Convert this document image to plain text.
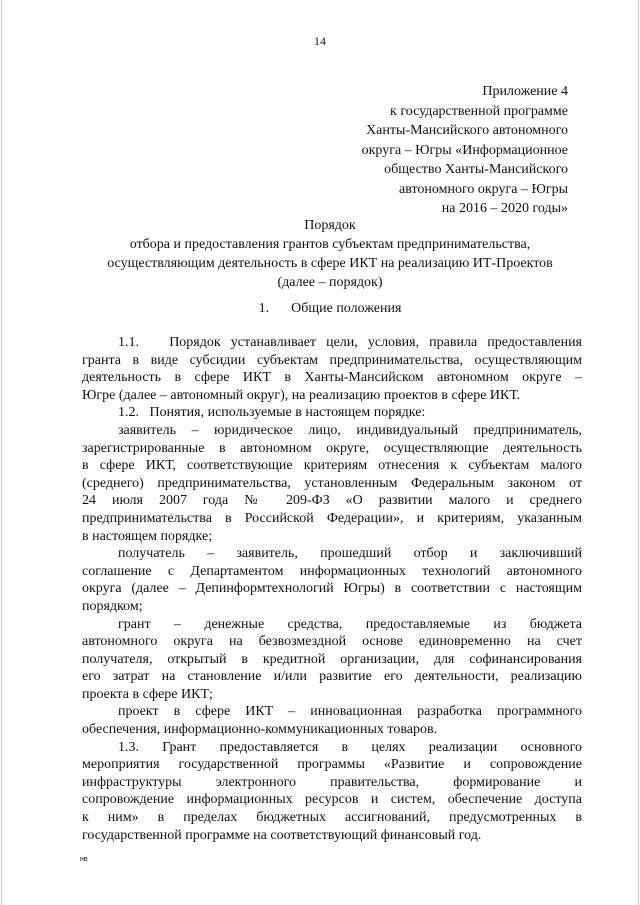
14
Приложение 4
к государственной программе
Ханты-Мансийского автономного
округа – Югры «Информационное
общество Ханты-Мансийского
автономного округа – Югры
на 2016 – 2020 годы»
Порядок
отбора и предоставления грантов субъектам предпринимательства,
осуществляющим деятельность в сфере ИКТ на реализацию ИТ-Проектов
(далее – порядок)
1. Общие положения
1.1.   Порядок устанавливает цели, условия, правила предоставления
гранта в виде субсидии субъектам предпринимательства, осуществляющим
деятельность в сфере ИКТ в Ханты-Мансийском автономном округе –
Югре (далее – автономный округ), на реализацию проектов в сфере ИКТ.
1.2.   Понятия, используемые в настоящем порядке:
заявитель – юридическое лицо, индивидуальный предприниматель,
зарегистрированные в автономном округе, осуществляющие деятельность
в сфере ИКТ, соответствующие критериям отнесения к субъектам малого
(среднего) предпринимательства, установленным Федеральным законом от
24 июля 2007 года № 209-ФЗ «О развитии малого и среднего
предпринимательства в Российской Федерации», и критериям, указанным
в настоящем порядке;
получатель – заявитель, прошедший отбор и заключивший
соглашение с Департаментом информационных технологий автономного
округа (далее – Депинформтехнологий Югры) в соответствии с настоящим
порядком;
грант – денежные средства, предоставляемые из бюджета
автономного округа на безвозмездной основе единовременно на счет
получателя, открытый в кредитной организации, для софинансирования
его затрат на становление и/или развитие его деятельности, реализацию
проекта в сфере ИКТ;
проект в сфере ИКТ – инновационная разработка программного
обеспечения, информационно-коммуникационных товаров.
1.3. Грант предоставляется в целях реализации основного
мероприятия государственной программы «Развитие и сопровождение
инфраструктуры электронного правительства, формирование и
сопровождение информационных ресурсов и систем, обеспечение доступа
к ним» в пределах бюджетных ассигнований, предусмотренных в
государственной программе на соответствующий финансовый год.
нв
